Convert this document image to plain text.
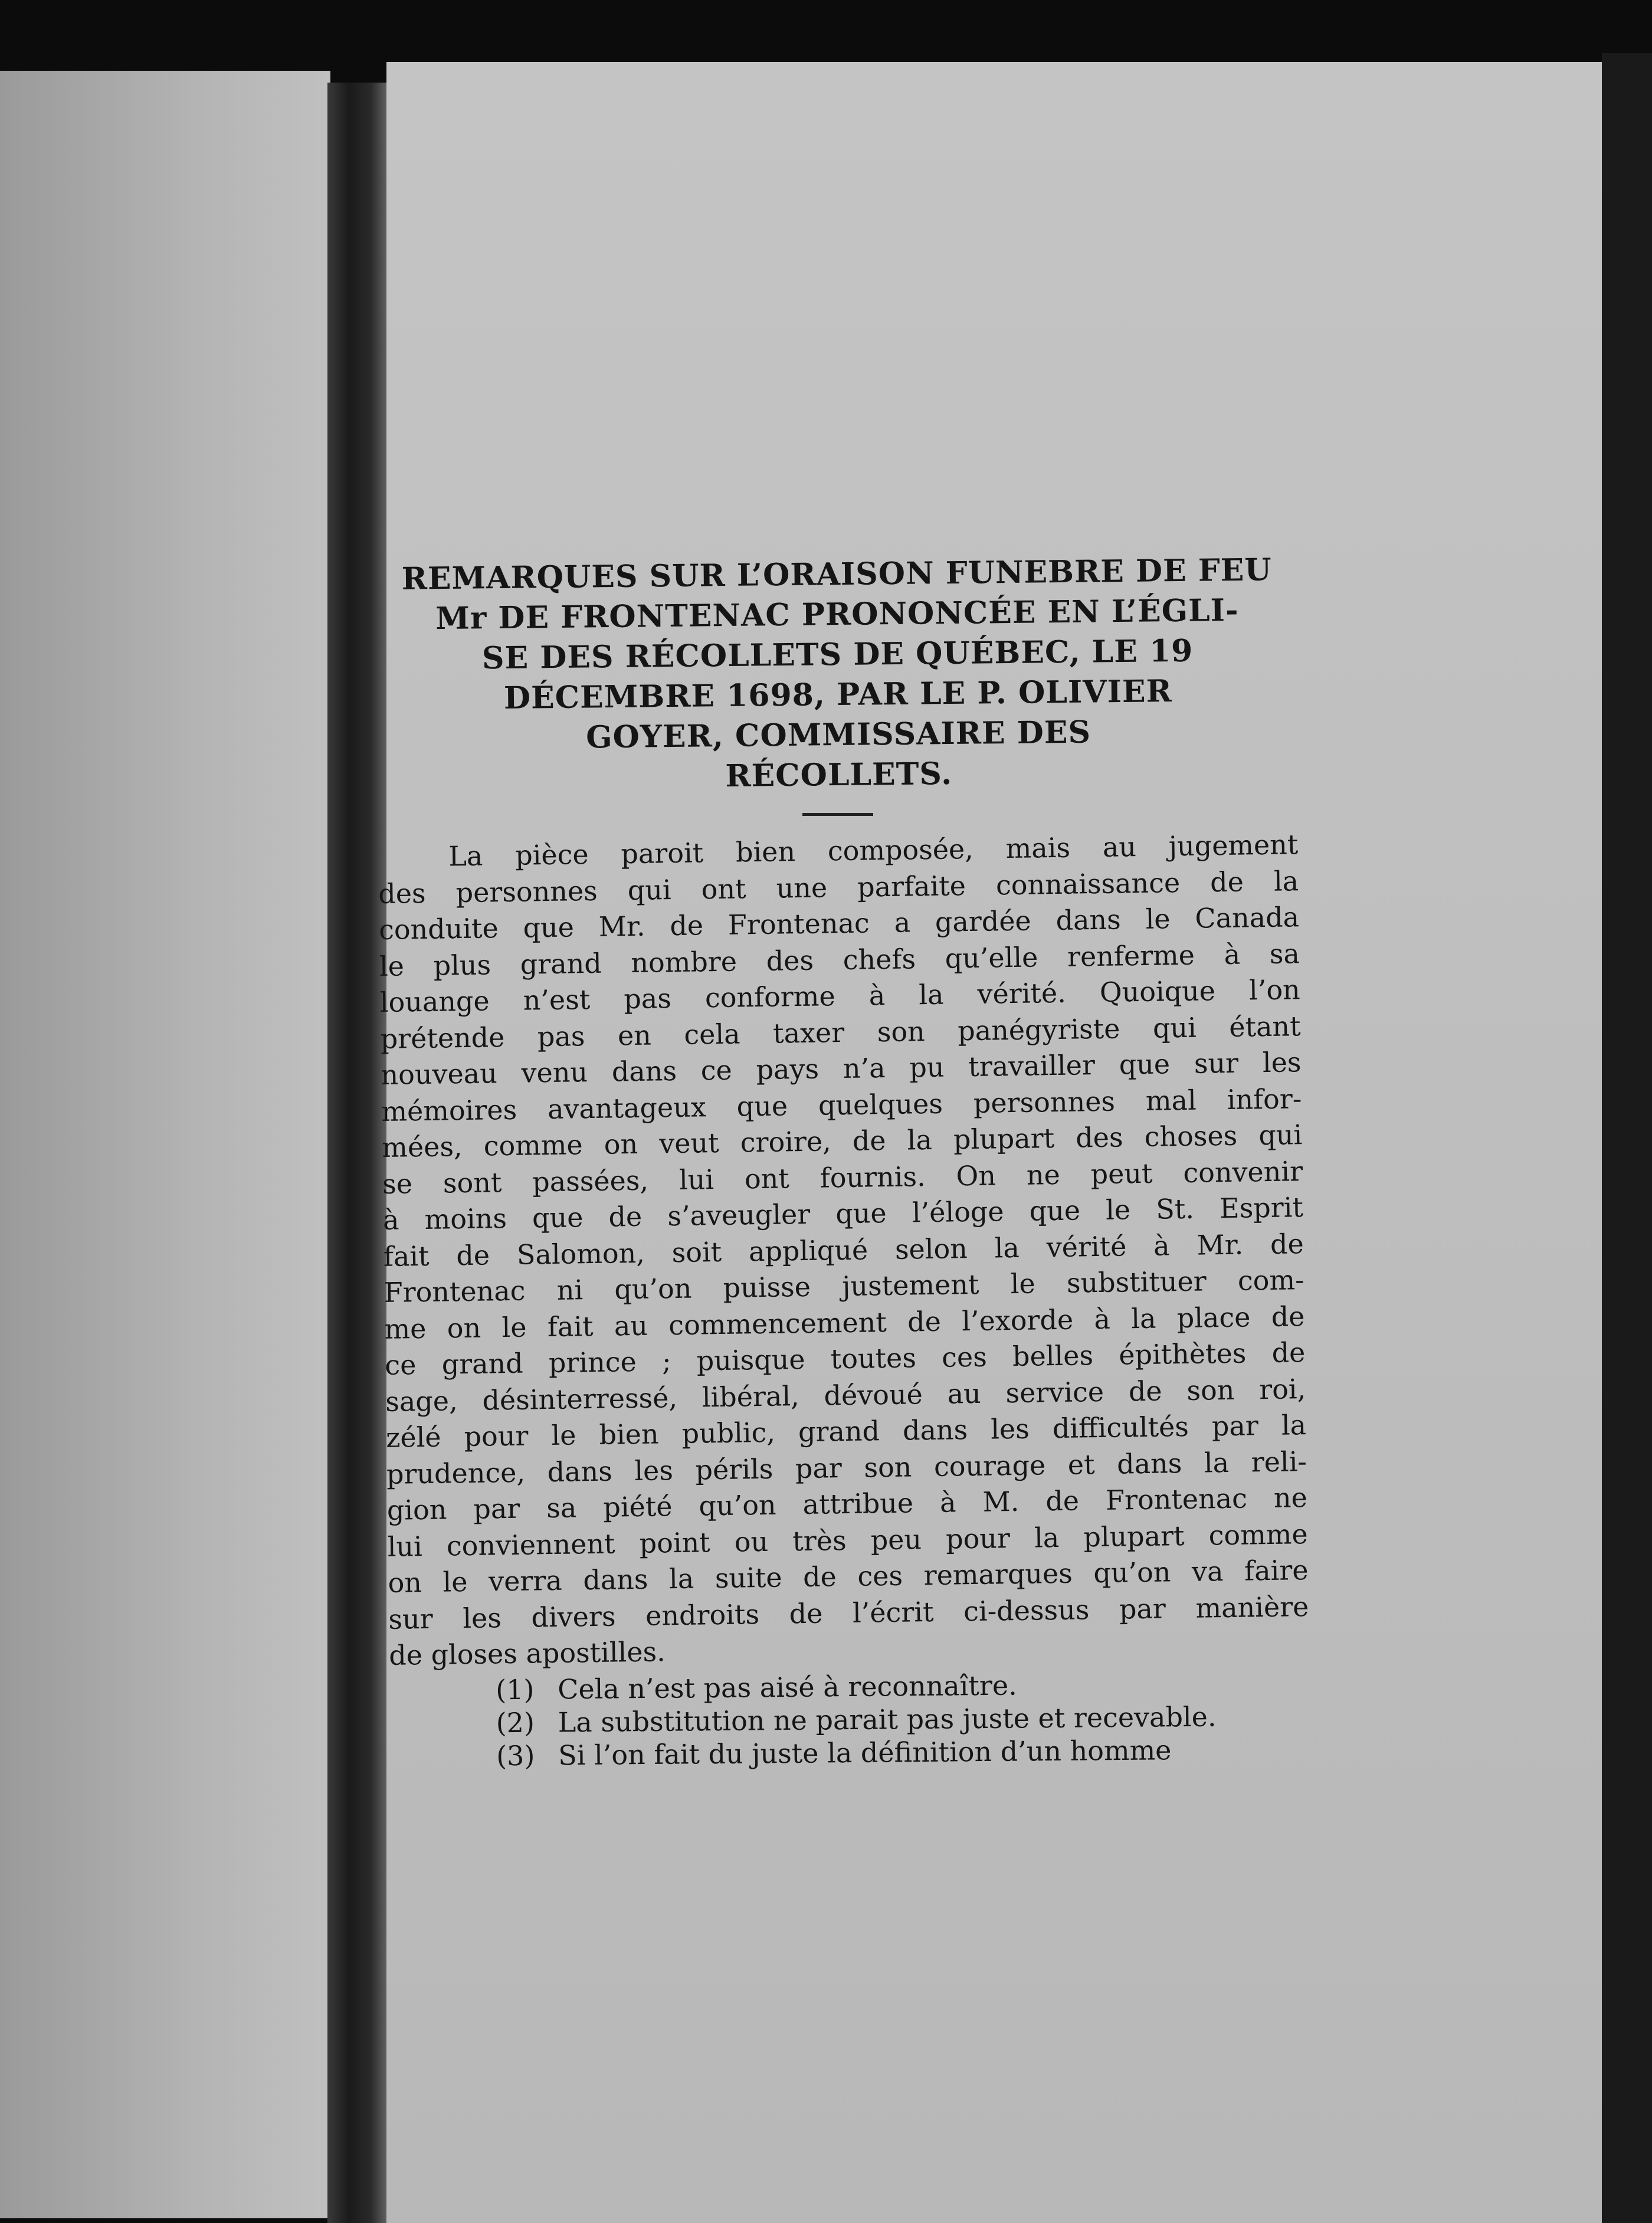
REMARQUES SUR L’ORAISON FUNEBRE DE FEU
Mr DE FRONTENAC PRONONCÉE EN L’ÉGLI-
SE DES RÉCOLLETS DE QUÉBEC, LE 19
DÉCEMBRE 1698, PAR LE P. OLIVIER
GOYER, COMMISSAIRE DES
RÉCOLLETS.
La pièce paroit bien composée, mais au jugement
des personnes qui ont une parfaite connaissance de la
conduite que Mr. de Frontenac a gardée dans le Canada
le plus grand nombre des chefs qu’elle renferme à sa
louange n’est pas conforme à la vérité. Quoique l’on
prétende pas en cela taxer son panégyriste qui étant
nouveau venu dans ce pays n’a pu travailler que sur les
mémoires avantageux que quelques personnes mal infor-
mées, comme on veut croire, de la plupart des choses qui
se sont passées, lui ont fournis. On ne peut convenir
à moins que de s’aveugler que l’éloge que le St. Esprit
fait de Salomon, soit appliqué selon la vérité à Mr. de
Frontenac ni qu’on puisse justement le substituer com-
me on le fait au commencement de l’exorde à la place de
ce grand prince ; puisque toutes ces belles épithètes de
sage, désinterressé, libéral, dévoué au service de son roi,
zélé pour le bien public, grand dans les difficultés par la
prudence, dans les périls par son courage et dans la reli-
gion par sa piété qu’on attribue à M. de Frontenac ne
lui conviennent point ou très peu pour la plupart comme
on le verra dans la suite de ces remarques qu’on va faire
sur les divers endroits de l’écrit ci-dessus par manière
de gloses apostilles.
(1) Cela n’est pas aisé à reconnaître.
(2) La substitution ne parait pas juste et recevable.
(3) Si l’on fait du juste la définition d’un homme
